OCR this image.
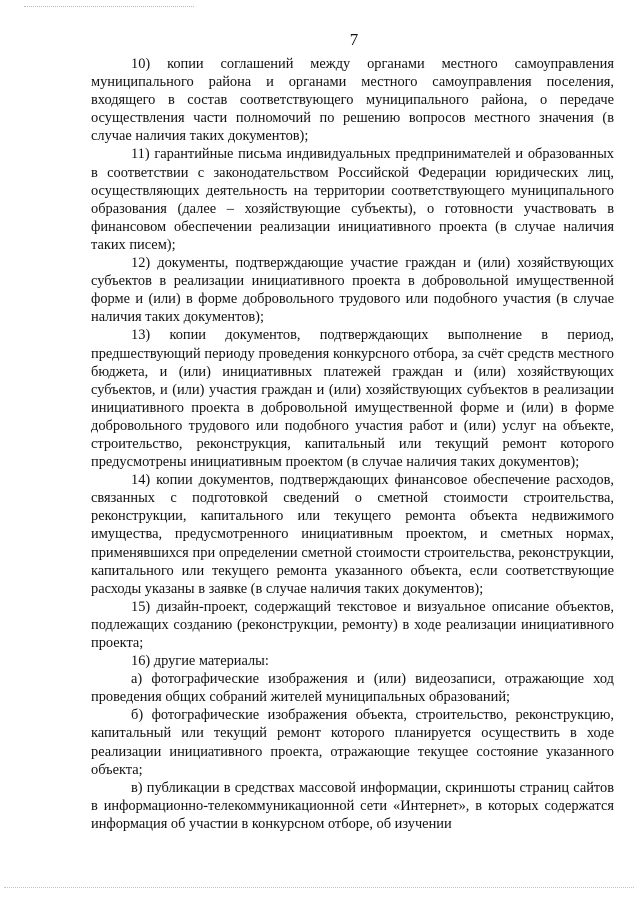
7

10) копии соглашений между органами местного самоуправления муниципального района и органами местного самоуправления поселения, входящего в состав соответствующего муниципального района, о передаче осуществления части полномочий по решению вопросов местного значения (в случае наличия таких документов);

11) гарантийные письма индивидуальных предпринимателей и образованных в соответствии с законодательством Российской Федерации юридических лиц, осуществляющих деятельность на территории соответствующего муниципального образования (далее – хозяйствующие субъекты), о готовности участвовать в финансовом обеспечении реализации инициативного проекта (в случае наличия таких писем);

12) документы, подтверждающие участие граждан и (или) хозяйствующих субъектов в реализации инициативного проекта в добровольной имущественной форме и (или) в форме добровольного трудового или подобного участия (в случае наличия таких документов);

13) копии документов, подтверждающих выполнение в период, предшествующий периоду проведения конкурсного отбора, за счёт средств местного бюджета, и (или) инициативных платежей граждан и (или) хозяйствующих субъектов, и (или) участия граждан и (или) хозяйствующих субъектов в реализации инициативного проекта в добровольной имущественной форме и (или) в форме добровольного трудового или подобного участия работ и (или) услуг на объекте, строительство, реконструкция, капитальный или текущий ремонт которого предусмотрены инициативным проектом (в случае наличия таких документов);

14) копии документов, подтверждающих финансовое обеспечение расходов, связанных с подготовкой сведений о сметной стоимости строительства, реконструкции, капитального или текущего ремонта объекта недвижимого имущества, предусмотренного инициативным проектом, и сметных нормах, применявшихся при определении сметной стоимости строительства, реконструкции, капитального или текущего ремонта указанного объекта, если соответствующие расходы указаны в заявке (в случае наличия таких документов);

15) дизайн-проект, содержащий текстовое и визуальное описание объектов, подлежащих созданию (реконструкции, ремонту) в ходе реализации инициативного проекта;

16) другие материалы:

а) фотографические изображения и (или) видеозаписи, отражающие ход проведения общих собраний жителей муниципальных образований;

б) фотографические изображения объекта, строительство, реконструкцию, капитальный или текущий ремонт которого планируется осуществить в ходе реализации инициативного проекта, отражающие текущее состояние указанного объекта;

в) публикации в средствах массовой информации, скриншоты страниц сайтов в информационно-телекоммуникационной сети «Интернет», в которых содержатся информация об участии в конкурсном отборе, об изучении
